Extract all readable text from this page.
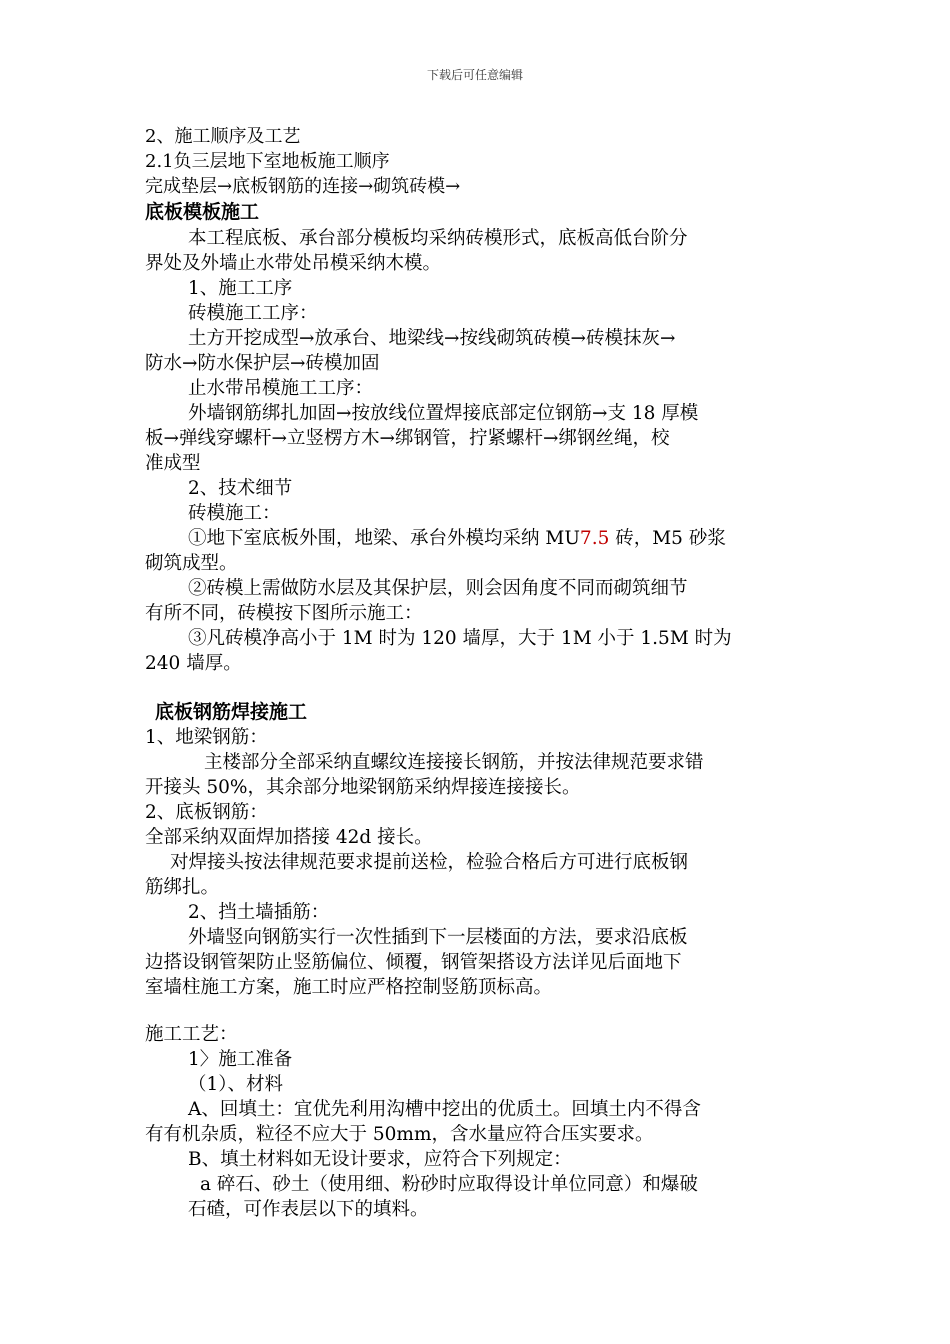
下载后可任意编辑
2、施工顺序及工艺
2.1负三层地下室地板施工顺序
完成垫层→底板钢筋的连接→砌筑砖模→
底板模板施工
本工程底板、承台部分模板均采纳砖模形式，底板高低台阶分
界处及外墙止水带处吊模采纳木模。
1、施工工序
砖模施工工序：
土方开挖成型→放承台、地梁线→按线砌筑砖模→砖模抹灰→
防水→防水保护层→砖模加固
止水带吊模施工工序：
外墙钢筋绑扎加固→按放线位置焊接底部定位钢筋→支 18 厚模
板→弹线穿螺杆→立竖楞方木→绑钢管，拧紧螺杆→绑钢丝绳，校
准成型
2、技术细节
砖模施工：
①地下室底板外围，地梁、承台外模均采纳 MU7.5 砖，M5 砂浆
砌筑成型。
②砖模上需做防水层及其保护层，则会因角度不同而砌筑细节
有所不同，砖模按下图所示施工：
③凡砖模净高小于 1M 时为 120 墙厚，大于 1M 小于 1.5M 时为
240 墙厚。
底板钢筋焊接施工
1、地梁钢筋：
主楼部分全部采纳直螺纹连接接长钢筋，并按法律规范要求错
开接头 50%，其余部分地梁钢筋采纳焊接连接接长。
2、底板钢筋：
全部采纳双面焊加搭接 42d 接长。
对焊接头按法律规范要求提前送检，检验合格后方可进行底板钢
筋绑扎。
2、挡土墙插筋：
外墙竖向钢筋实行一次性插到下一层楼面的方法，要求沿底板
边搭设钢管架防止竖筋偏位、倾覆，钢管架搭设方法详见后面地下
室墙柱施工方案，施工时应严格控制竖筋顶标高。
施工工艺：
1〉施工准备
（1）、材料
A、回填土：宜优先利用沟槽中挖出的优质土。回填土内不得含
有有机杂质，粒径不应大于 50mm，含水量应符合压实要求。
B、填土材料如无设计要求，应符合下列规定：
a 碎石、砂土（使用细、粉砂时应取得设计单位同意）和爆破
石碴，可作表层以下的填料。
